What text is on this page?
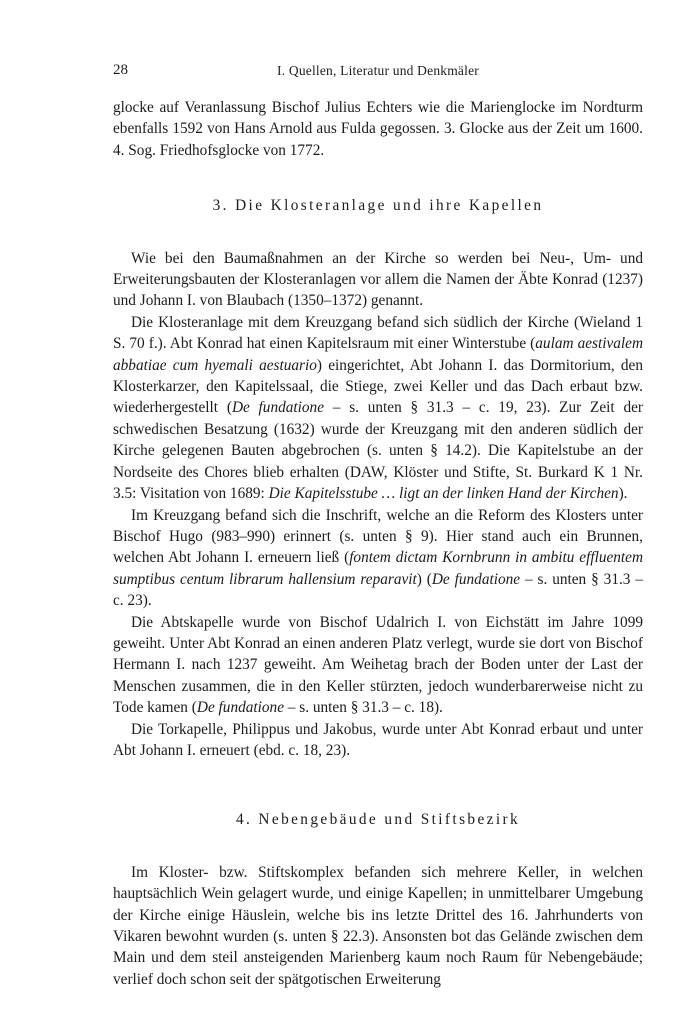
28	I. Quellen, Literatur und Denkmäler

glocke auf Veranlassung Bischof Julius Echters wie die Marienglocke im Nordturm ebenfalls 1592 von Hans Arnold aus Fulda gegossen. 3. Glocke aus der Zeit um 1600. 4. Sog. Friedhofsglocke von 1772.

3. Die Klosteranlage und ihre Kapellen

Wie bei den Baumaßnahmen an der Kirche so werden bei Neu-, Um- und Erweiterungsbauten der Klosteranlagen vor allem die Namen der Äbte Konrad (1237) und Johann I. von Blaubach (1350–1372) genannt.

Die Klosteranlage mit dem Kreuzgang befand sich südlich der Kirche (Wieland 1 S. 70 f.). Abt Konrad hat einen Kapitelsraum mit einer Winterstube (aulam aestivalem abbatiae cum hyemali aestuario) eingerichtet, Abt Johann I. das Dormitorium, den Klosterkarzer, den Kapitelssaal, die Stiege, zwei Keller und das Dach erbaut bzw. wiederhergestellt (De fundatione – s. unten § 31.3 – c. 19, 23). Zur Zeit der schwedischen Besatzung (1632) wurde der Kreuzgang mit den anderen südlich der Kirche gelegenen Bauten abgebrochen (s. unten § 14.2). Die Kapitelstube an der Nordseite des Chores blieb erhalten (DAW, Klöster und Stifte, St. Burkard K 1 Nr. 3.5: Visitation von 1689: Die Kapitelsstube … ligt an der linken Hand der Kirchen).

Im Kreuzgang befand sich die Inschrift, welche an die Reform des Klosters unter Bischof Hugo (983–990) erinnert (s. unten § 9). Hier stand auch ein Brunnen, welchen Abt Johann I. erneuern ließ (fontem dictam Kornbrunn in ambitu effluentem sumptibus centum librarum hallensium reparavit) (De fundatione – s. unten § 31.3 – c. 23).

Die Abtskapelle wurde von Bischof Udalrich I. von Eichstätt im Jahre 1099 geweiht. Unter Abt Konrad an einen anderen Platz verlegt, wurde sie dort von Bischof Hermann I. nach 1237 geweiht. Am Weihetag brach der Boden unter der Last der Menschen zusammen, die in den Keller stürzten, jedoch wunderbarerweise nicht zu Tode kamen (De fundatione – s. unten § 31.3 – c. 18).

Die Torkapelle, Philippus und Jakobus, wurde unter Abt Konrad erbaut und unter Abt Johann I. erneuert (ebd. c. 18, 23).

4. Nebengebäude und Stiftsbezirk

Im Kloster- bzw. Stiftskomplex befanden sich mehrere Keller, in welchen hauptsächlich Wein gelagert wurde, und einige Kapellen; in unmittelbarer Umgebung der Kirche einige Häuslein, welche bis ins letzte Drittel des 16. Jahrhunderts von Vikaren bewohnt wurden (s. unten § 22.3). Ansonsten bot das Gelände zwischen dem Main und dem steil ansteigenden Marienberg kaum noch Raum für Nebengebäude; verlief doch schon seit der spätgotischen Erweiterung
